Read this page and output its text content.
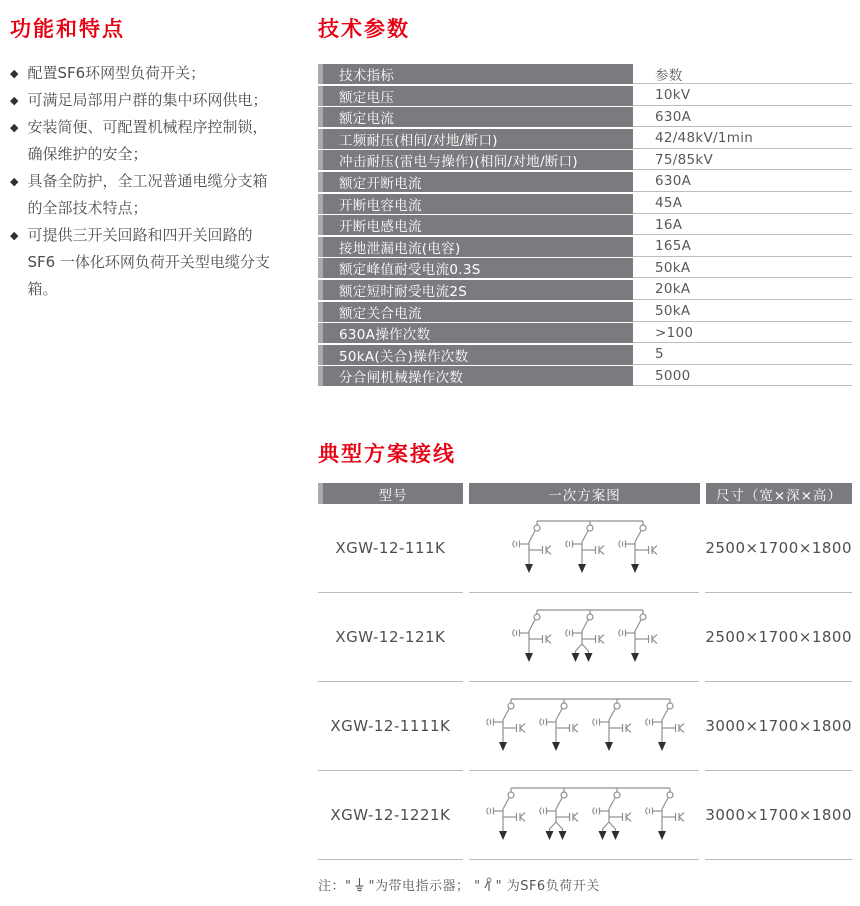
功能和特点
◆ 配置SF6环网型负荷开关；
◆ 可满足局部用户群的集中环网供电；
◆ 安装简便、可配置机械程序控制锁，确保维护的安全；
◆ 具备全防护，全工况普通电缆分支箱的全部技术特点；
◆ 可提供三开关回路和四开关回路的SF6 一体化环网负荷开关型电缆分支箱。
技术参数
技术指标	参数
额定电压	10kV
额定电流	630A
工频耐压(相间/对地/断口)	42/48kV/1min
冲击耐压(雷电与操作)(相间/对地/断口)	75/85kV
额定开断电流	630A
开断电容电流	45A
开断电感电流	16A
接地泄漏电流(电容)	165A
额定峰值耐受电流0.3S	50kA
额定短时耐受电流2S	20kA
额定关合电流	50kA
630A操作次数	>100
50kA(关合)操作次数	5
分合闸机械操作次数	5000
典型方案接线
型号	一次方案图	尺寸（宽×深×高）
XGW-12-111K	2500×1700×1800
XGW-12-121K	2500×1700×1800
XGW-12-1111K	3000×1700×1800
XGW-12-1221K	3000×1700×1800
注：" "为带电指示器； " " 为SF6负荷开关
